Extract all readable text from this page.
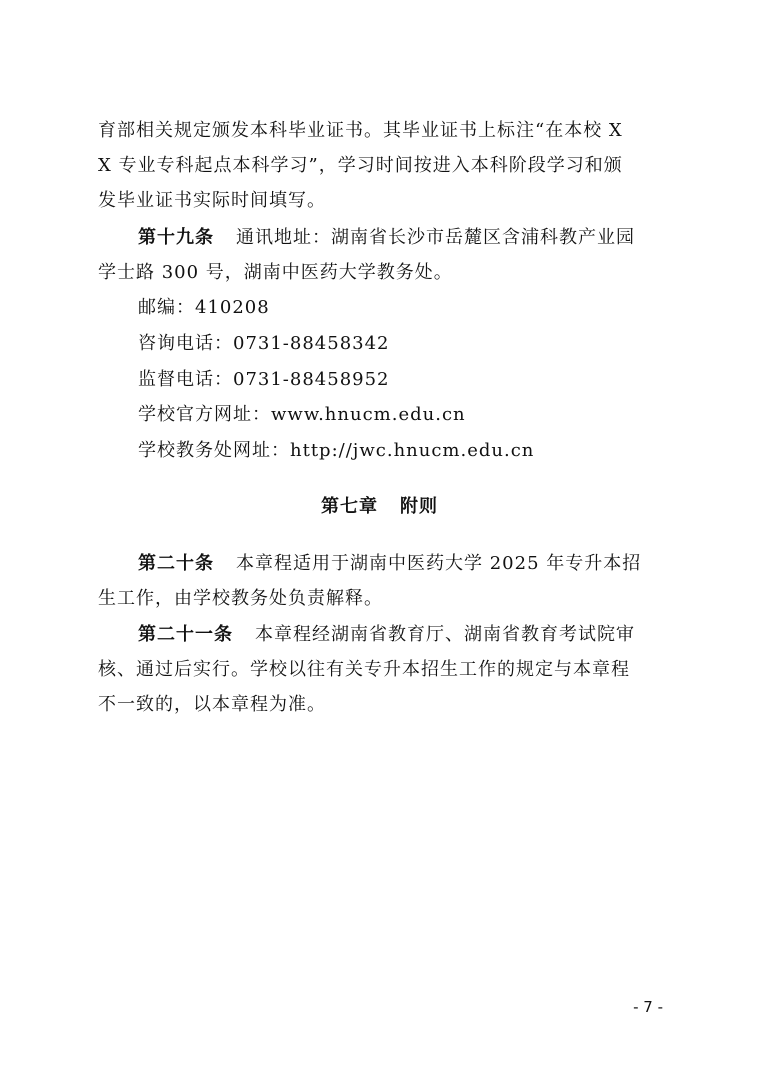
育部相关规定颁发本科毕业证书。其毕业证书上标注“在本校 X
X 专业专科起点本科学习”，学习时间按进入本科阶段学习和颁
发毕业证书实际时间填写。
第十九条 通讯地址：湖南省长沙市岳麓区含浦科教产业园
学士路 300 号，湖南中医药大学教务处。
邮编：410208
咨询电话：0731-88458342
监督电话：0731-88458952
学校官方网址：www.hnucm.edu.cn
学校教务处网址：http://jwc.hnucm.edu.cn
第七章 附则
第二十条 本章程适用于湖南中医药大学 2025 年专升本招
生工作，由学校教务处负责解释。
第二十一条 本章程经湖南省教育厅、湖南省教育考试院审
核、通过后实行。学校以往有关专升本招生工作的规定与本章程
不一致的，以本章程为准。
- 7 -
